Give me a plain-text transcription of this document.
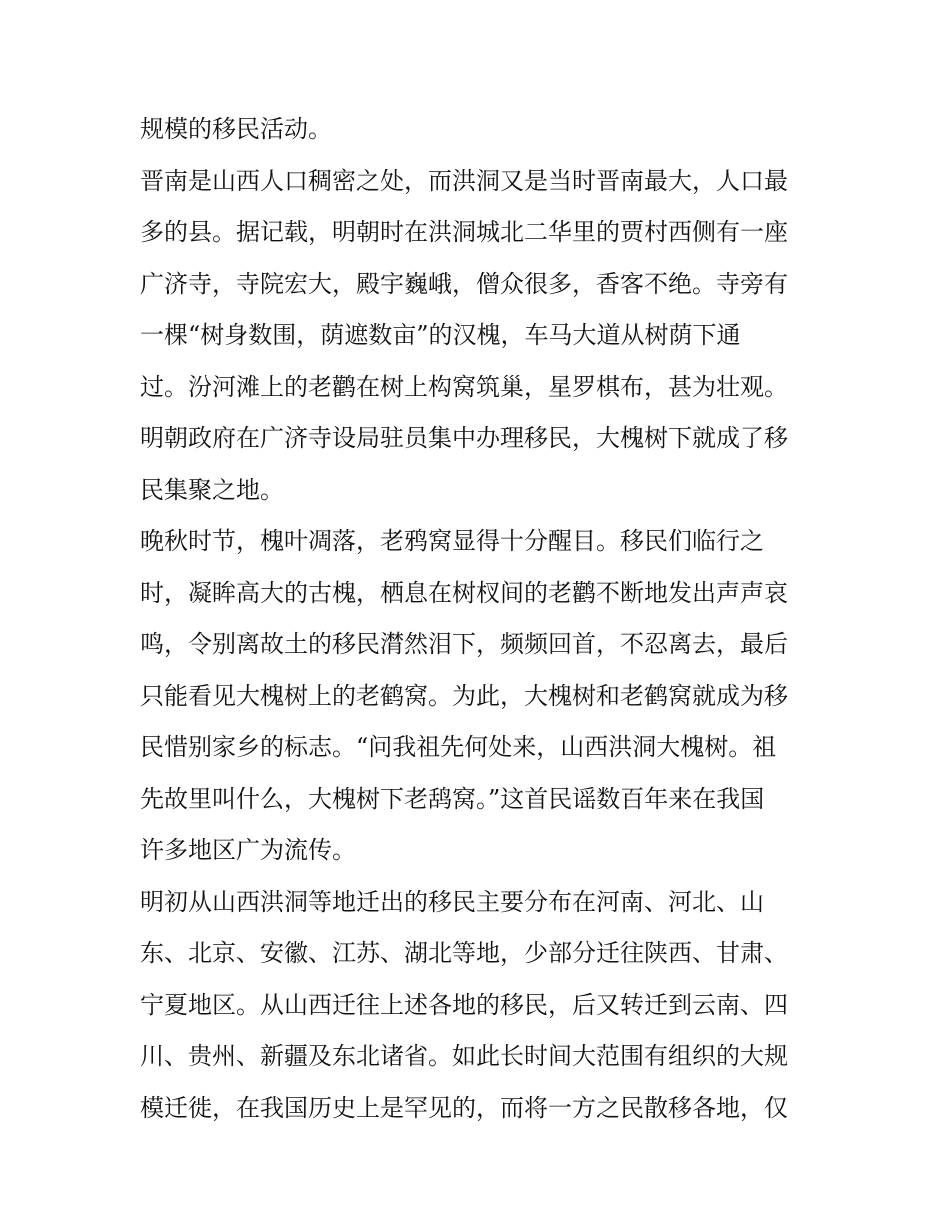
规模的移民活动。
晋南是山西人口稠密之处，而洪洞又是当时晋南最大，人口最
多的县。据记载，明朝时在洪洞城北二华里的贾村西侧有一座
广济寺，寺院宏大，殿宇巍峨，僧众很多，香客不绝。寺旁有
一棵“树身数围，荫遮数亩”的汉槐，车马大道从树荫下通
过。汾河滩上的老鹳在树上构窝筑巢，星罗棋布，甚为壮观。
明朝政府在广济寺设局驻员集中办理移民，大槐树下就成了移
民集聚之地。
晚秋时节，槐叶凋落，老鸦窝显得十分醒目。移民们临行之
时，凝眸高大的古槐，栖息在树杈间的老鹳不断地发出声声哀
鸣，令别离故土的移民潸然泪下，频频回首，不忍离去，最后
只能看见大槐树上的老鹤窝。为此，大槐树和老鹤窝就成为移
民惜别家乡的标志。“问我祖先何处来，山西洪洞大槐树。祖
先故里叫什么，大槐树下老鸹窝。”这首民谣数百年来在我国
许多地区广为流传。
明初从山西洪洞等地迁出的移民主要分布在河南、河北、山
东、北京、安徽、江苏、湖北等地，少部分迁往陕西、甘肃、
宁夏地区。从山西迁往上述各地的移民，后又转迁到云南、四
川、贵州、新疆及东北诸省。如此长时间大范围有组织的大规
模迁徙，在我国历史上是罕见的，而将一方之民散移各地，仅
